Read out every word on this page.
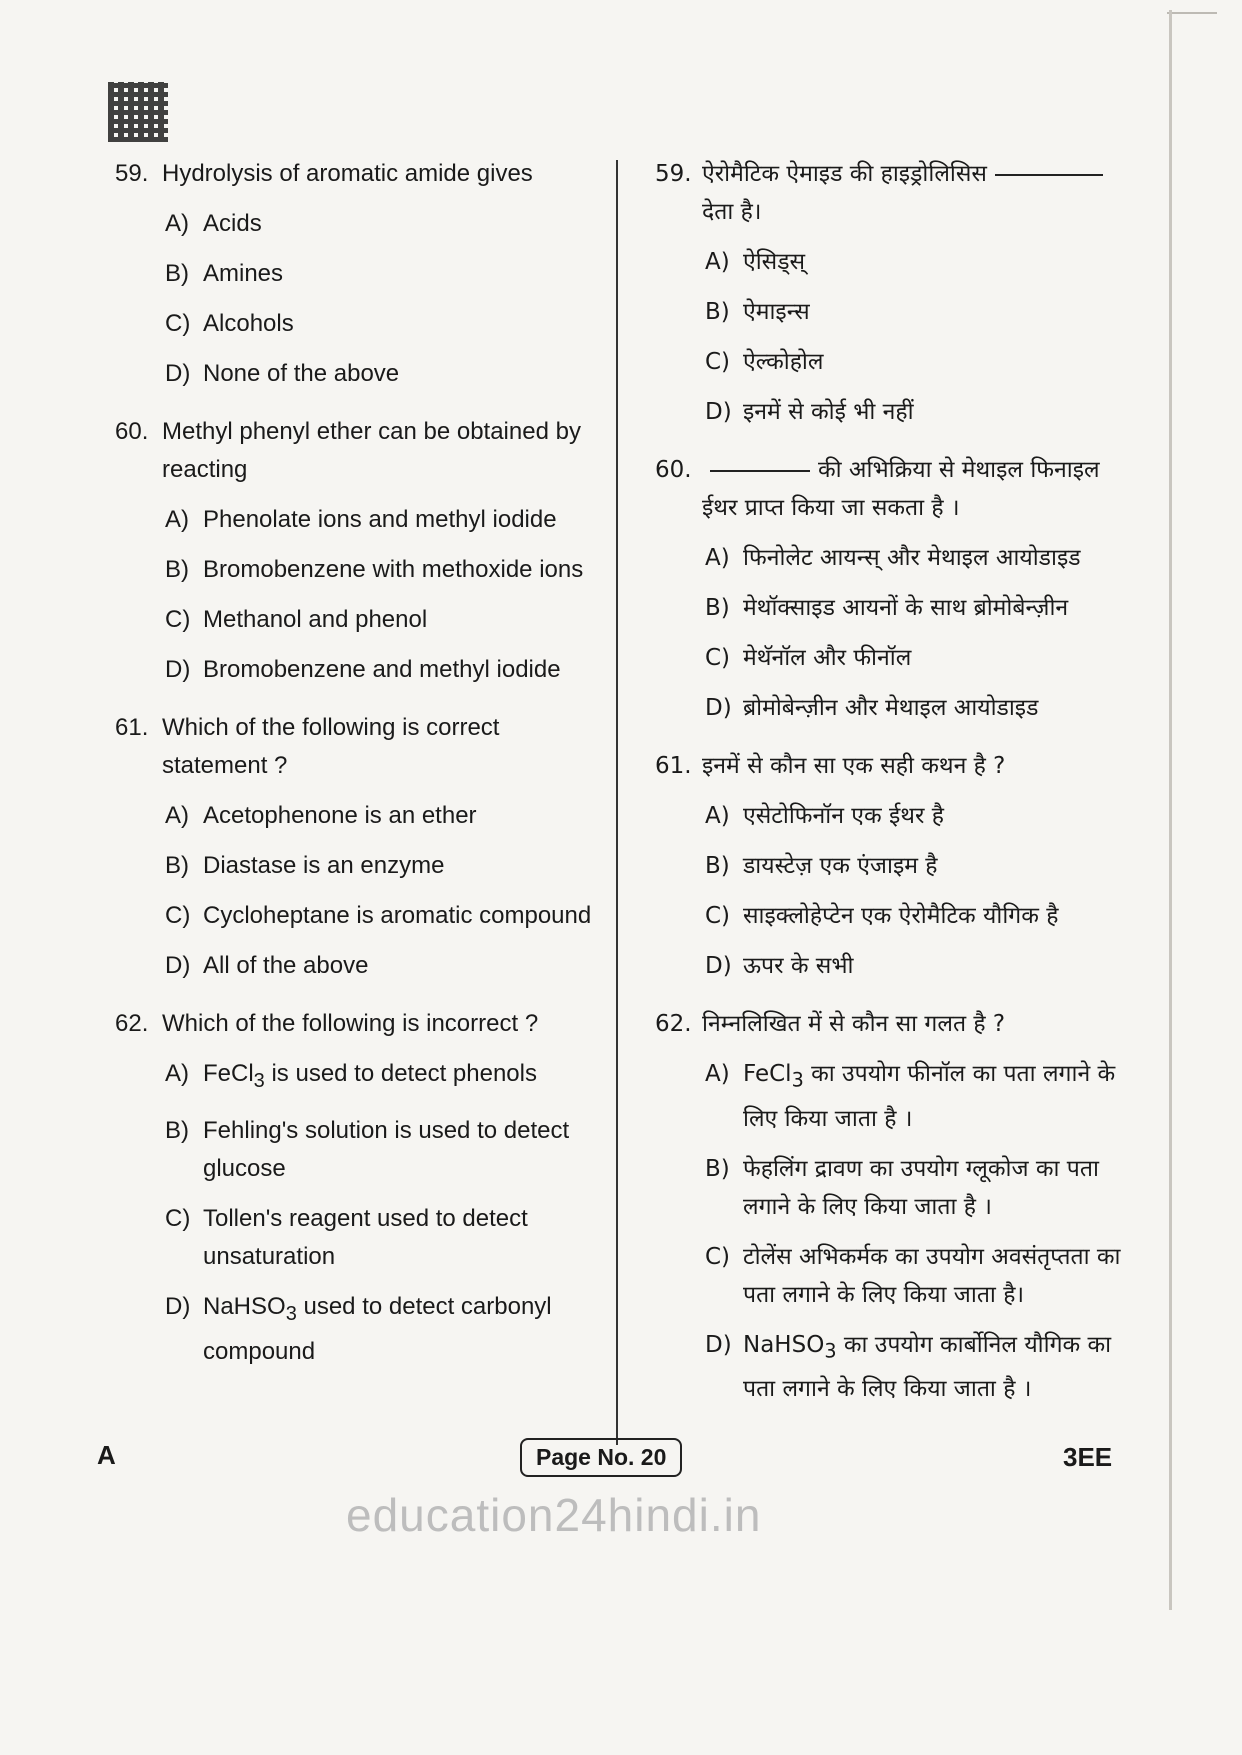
59. Hydrolysis of aromatic amide gives
A) Acids
B) Amines
C) Alcohols
D) None of the above
60. Methyl phenyl ether can be obtained by reacting
A) Phenolate ions and methyl iodide
B) Bromobenzene with methoxide ions
C) Methanol and phenol
D) Bromobenzene and methyl iodide
61. Which of the following is correct statement ?
A) Acetophenone is an ether
B) Diastase is an enzyme
C) Cycloheptane is aromatic compound
D) All of the above
62. Which of the following is incorrect ?
A) FeCl$_3$ is used to detect phenols
B) Fehling's solution is used to detect glucose
C) Tollen's reagent used to detect unsaturation
D) NaHSO$_3$ used to detect carbonyl compound
59. ऐरोमैटिक ऐमाइड की हाइड्रोलिसिस
देता है।
A) ऐसिड्स्
B) ऐमाइन्स
C) ऐल्कोहोल
D) इनमें से कोई भी नहीं
60.	की अभिक्रिया से मेथाइल फिनाइल ईथर प्राप्त किया जा सकता है ।
A) फिनोलेट आयन्स् और मेथाइल आयोडाइड
B) मेथॉक्साइड आयनों के साथ ब्रोमोबेन्ज़ीन
C) मेथॅनॉल और फीनॉल
D) ब्रोमोबेन्ज़ीन और मेथाइल आयोडाइड
61. इनमें से कौन सा एक सही कथन है ?
A) एसेटोफिनॉन एक ईथर है
B) डायस्टेज़ एक एंजाइम है
C) साइक्लोहेप्टेन एक ऐरोमैटिक यौगिक है
D) ऊपर के सभी
62. निम्नलिखित में से कौन सा गलत है ?
A) FeCl$_3$ का उपयोग फीनॉल का पता लगाने के लिए किया जाता है ।
B) फेहलिंग द्रावण का उपयोग ग्लूकोज का पता लगाने के लिए किया जाता है ।
C) टोलेंस अभिकर्मक का उपयोग अवसंतृप्तता का पता लगाने के लिए किया जाता है।
D) NaHSO$_3$ का उपयोग कार्बोनिल यौगिक का पता लगाने के लिए किया जाता है ।
A	Page No. 20	3EE
education24hindi.in
